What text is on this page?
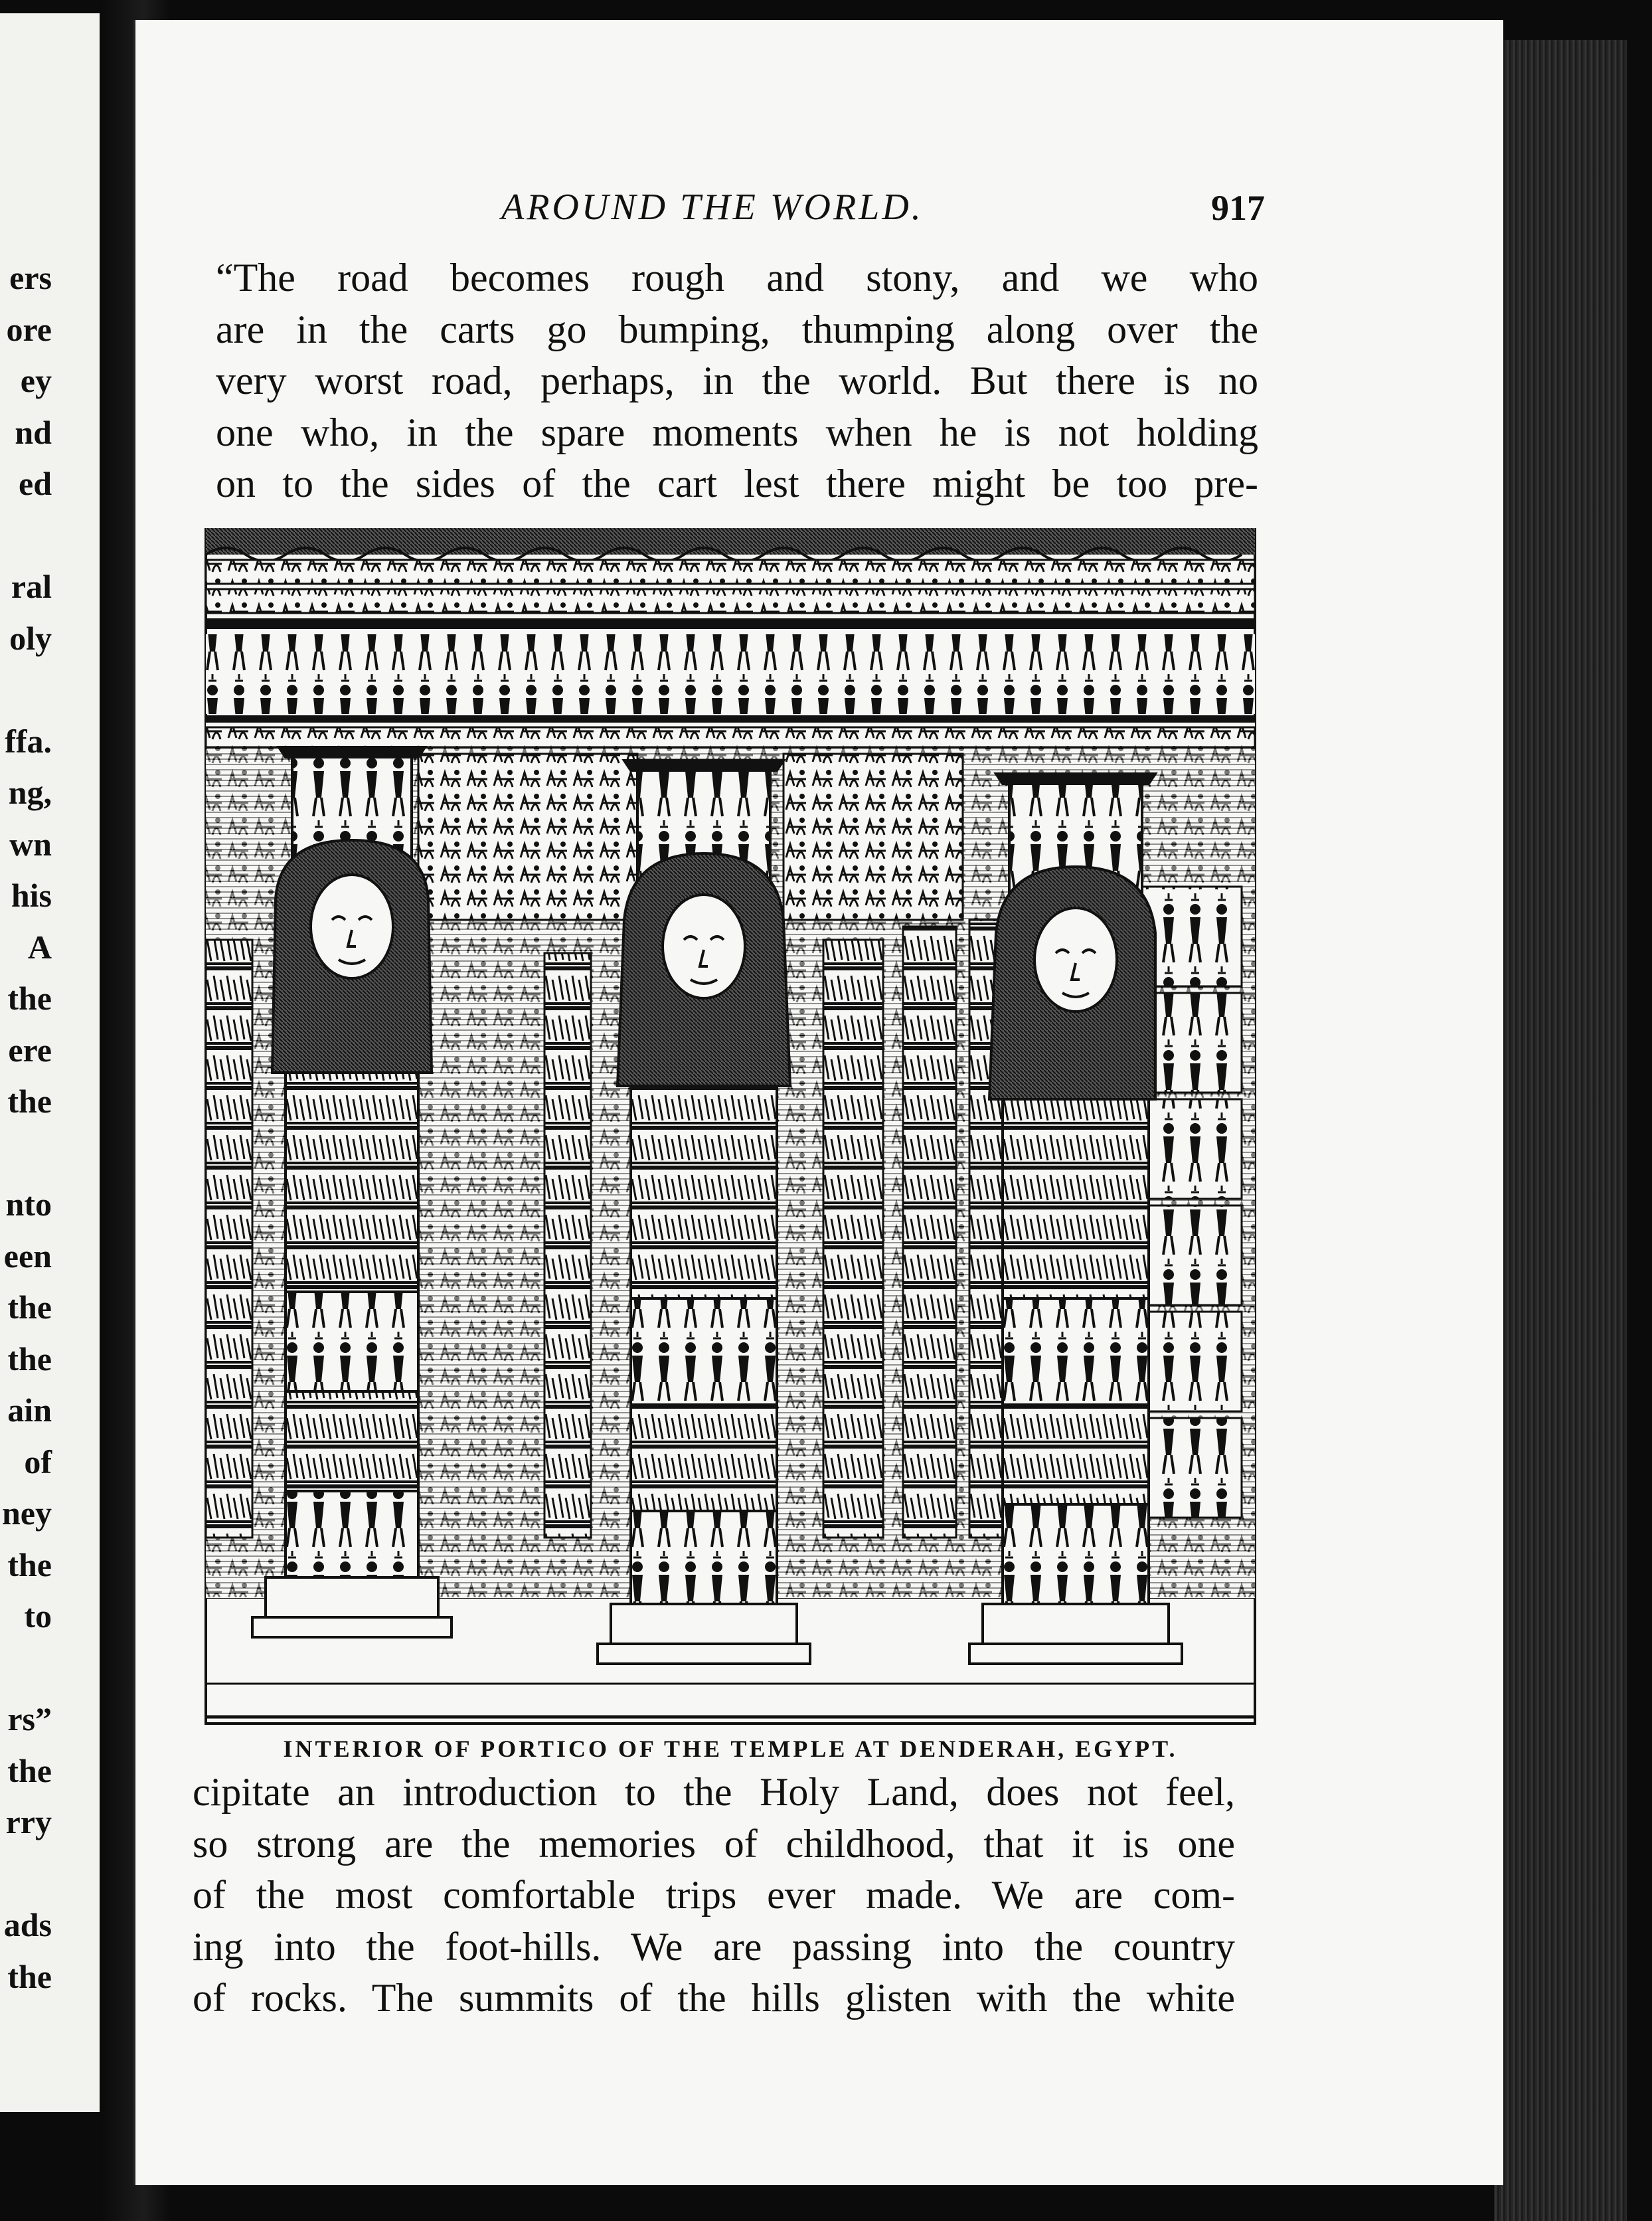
ers
ore
ey
nd
ed
ral
oly
ffa.
ng,
wn
his
A
the
ere
the
nto
een
the
the
ain
of
ney
the
to
rs”
the
rry
ads
the
AROUND THE WORLD.	917
“The road becomes rough and stony, and we who
are in the carts go bumping, thumping along over the
very worst road, perhaps, in the world. But there is no
one who, in the spare moments when he is not holding
on to the sides of the cart lest there might be too pre-
INTERIOR OF PORTICO OF THE TEMPLE AT DENDERAH, EGYPT.
cipitate an introduction to the Holy Land, does not feel,
so strong are the memories of childhood, that it is one
of the most comfortable trips ever made. We are com-
ing into the foot-hills. We are passing into the country
of rocks. The summits of the hills glisten with the white
